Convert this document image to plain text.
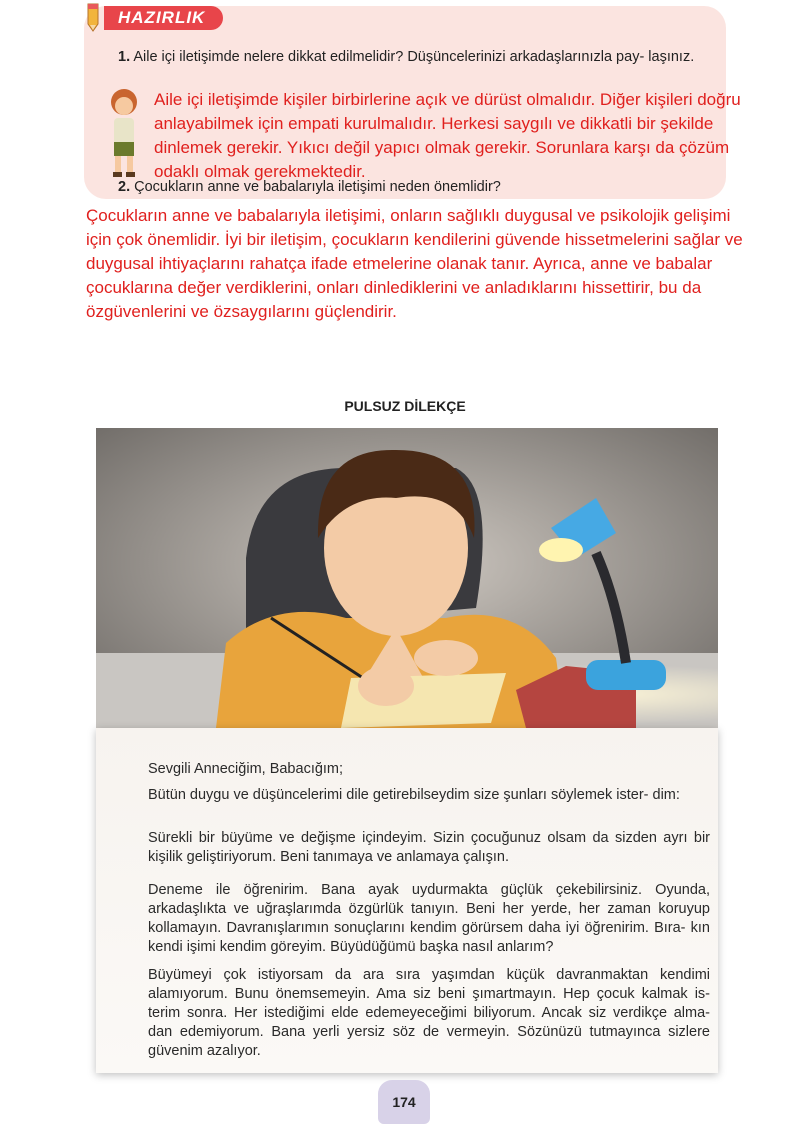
HAZIRLIK
1. Aile içi iletişimde nelere dikkat edilmelidir? Düşüncelerinizi arkadaşlarınızla pay- laşınız.
Aile içi iletişimde kişiler birbirlerine açık ve dürüst olmalıdır. Diğer kişileri doğru anlayabilmek için empati kurulmalıdır. Herkesi saygılı ve dikkatli bir şekilde dinlemek gerekir. Yıkıcı değil yapıcı olmak gerekir. Sorunlara karşı da çözüm odaklı olmak gerekmektedir.
2. Çocukların anne ve babalarıyla iletişimi neden önemlidir?
Çocukların anne ve babalarıyla iletişimi, onların sağlıklı duygusal ve psikolojik gelişimi için çok önemlidir. İyi bir iletişim, çocukların kendilerini güvende hissetmelerini sağlar ve duygusal ihtiyaçlarını rahatça ifade etmelerine olanak tanır. Ayrıca, anne ve babalar çocuklarına değer verdiklerini, onları dinlediklerini ve anladıklarını hissettirir, bu da özgüvenlerini ve özsaygılarını güçlendirir.
PULSUZ DİLEKÇE
Sevgili Anneciğim, Babacığım;
Bütün duygu ve düşüncelerimi dile getirebilseydim size şunları söylemek ister- dim:
Sürekli bir büyüme ve değişme içindeyim. Sizin çocuğunuz olsam da sizden ayrı bir kişilik geliştiriyorum. Beni tanımaya ve anlamaya çalışın.
Deneme ile öğrenirim. Bana ayak uydurmakta güçlük çekebilirsiniz. Oyunda, arkadaşlıkta ve uğraşlarımda özgürlük tanıyın. Beni her yerde, her zaman koruyup kollamayın. Davranışlarımın sonuçlarını kendim görürsem daha iyi öğrenirim. Bıra- kın kendi işimi kendim göreyim. Büyüdüğümü başka nasıl anlarım?
Büyümeyi çok istiyorsam da ara sıra yaşımdan küçük davranmaktan kendimi alamıyorum. Bunu önemsemeyin. Ama siz beni şımartmayın. Hep çocuk kalmak is- terim sonra. Her istediğimi elde edemeyeceğimi biliyorum. Ancak siz verdikçe alma- dan edemiyorum. Bana yerli yersiz söz de vermeyin. Sözünüzü tutmayınca sizlere güvenim azalıyor.
174
